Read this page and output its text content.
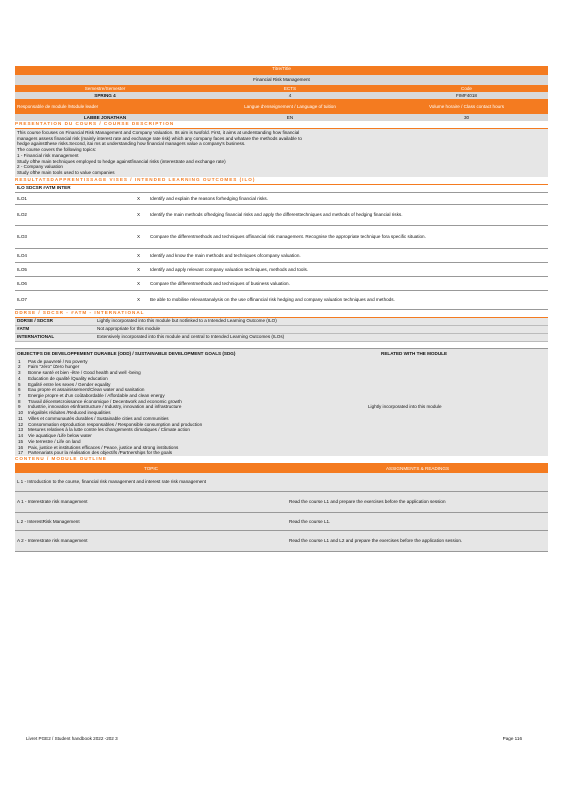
Titre/Title
Financial Risk Management
Semestre/Semester	ECTS	Code
SPRING 4	4	FIMF4018
Responsable de module /Module leader	Langue d'enseignement / Language of tuition	Volume horaire / Class contact hours
LABBE JONATHAN	EN	30
PRESENTATION DU COURS / COURSE DESCRIPTION
This course focuses on Financial Risk Management and Company Valuation. Its aim is twofold. First, it aims at understanding how financial
managers assess financial risk (mainly interest rate and exchange rate risk) which any company faces and whatare the methods available to
hedge againstthese risks.Second, itai ms at understanding how financial managers value a company's business.
The course covers the following topics:
1 - Financial risk management
Study ofthe main techniques employed to hedge againstfinancial risks (interestrate and exchange rate)
2 - Company valuation
Study ofthe main tools used to value companies
RESULTATSDAPPRENTISSAGE VISES / INTENDED LEARNING OUTCOMES (ILO)
ILO SDCSR #ATM INTER
ILO1	X	Identify and explain the reasons forhedging financial risks.
ILO2	X	Identify the main methods ofhedging financial risks and apply the differenttechniques and methods of hedging financial risks.
ILO3	X	Compare the differentmethods and techniques offinancial risk management. Recognise the appropriate technique fora specific situation.
ILO4	X	Identify and know the main methods and techniques ofcompany valuation.
ILO5	X	Identify and apply relevant company valuation techniques, methods and tools.
ILO6	X	Compare the differentmethods and techniques of business valuation.
ILO7	X	Be able to mobilise relevantanalysis on the use offinancial risk hedging and company valuation techniques and methods.
DDRSE / SDCSR - #ATM - INTERNATIONAL
DDRSE / SDCSR	Lightly incorporated into this module but notlinked to a Intended Learning Outcome (ILO)
#ATM	Not appropriate for this module
INTERNATIONAL	Extensively incorporated into this module and central to Intended Learning Outcomes (ILOs)
OBJECTIFS DE DEVELOPPEMENT DURABLE (ODD) / SUSTAINABLE DEVELOPMENT GOALS (SDG)	RELATED WITH THE MODULE
1	Pas de pauvreté / No poverty
2	Faim "zéro" /Zero hunger
3	Bonne santé et bien -être / Good health and well -being
4	Education de qualité /Quality education
5	Egalité entre les sexes / Gender equality
6	Eau propre et assainissement/Clean water and sanitation
7	Energie propre et d'un coûtabordable / Affordable and clean energy
8	Travail décentetcroissance économique / Decentwork and economic growth
9	Industrie, innovation etinfrastructure / Industry, innovation and infrastructure	Lightly incorporated into this module
10	Inégalités réduites /Reduced inequalities
11	Villes et communautés durables / Sustainable cities and communities
12	Consommation etproduction responsables / Responsible consumption and production
13	Mesures relatives à la lutte contre les changements climatiques / Climate action
14	Vie aquatique /Life below water
15	Vie terrestre / Life on land
16	Paix, justice et institutions efficaces / Peace, justice and strong institutions
17	Partenariats pour la réalisation des objectifs /Partnerships for the goals
CONTENU / MODULE OUTLINE
TOPIC	ASSIGNMENTS & READINGS
L 1 - Introduction to the course, financial risk management and interest rate risk management
A 1 - Interestrate risk management	Read the course L1 and prepare the exercises before the application session
L 2 - InterestRisk Management	Read the course L1.
A 2 - Interestrate risk management	Read the course L1 and L2 and prepare the exercises before the application session.
Livret PGE2 / Student handbook 2022 -202 3	Page 116
